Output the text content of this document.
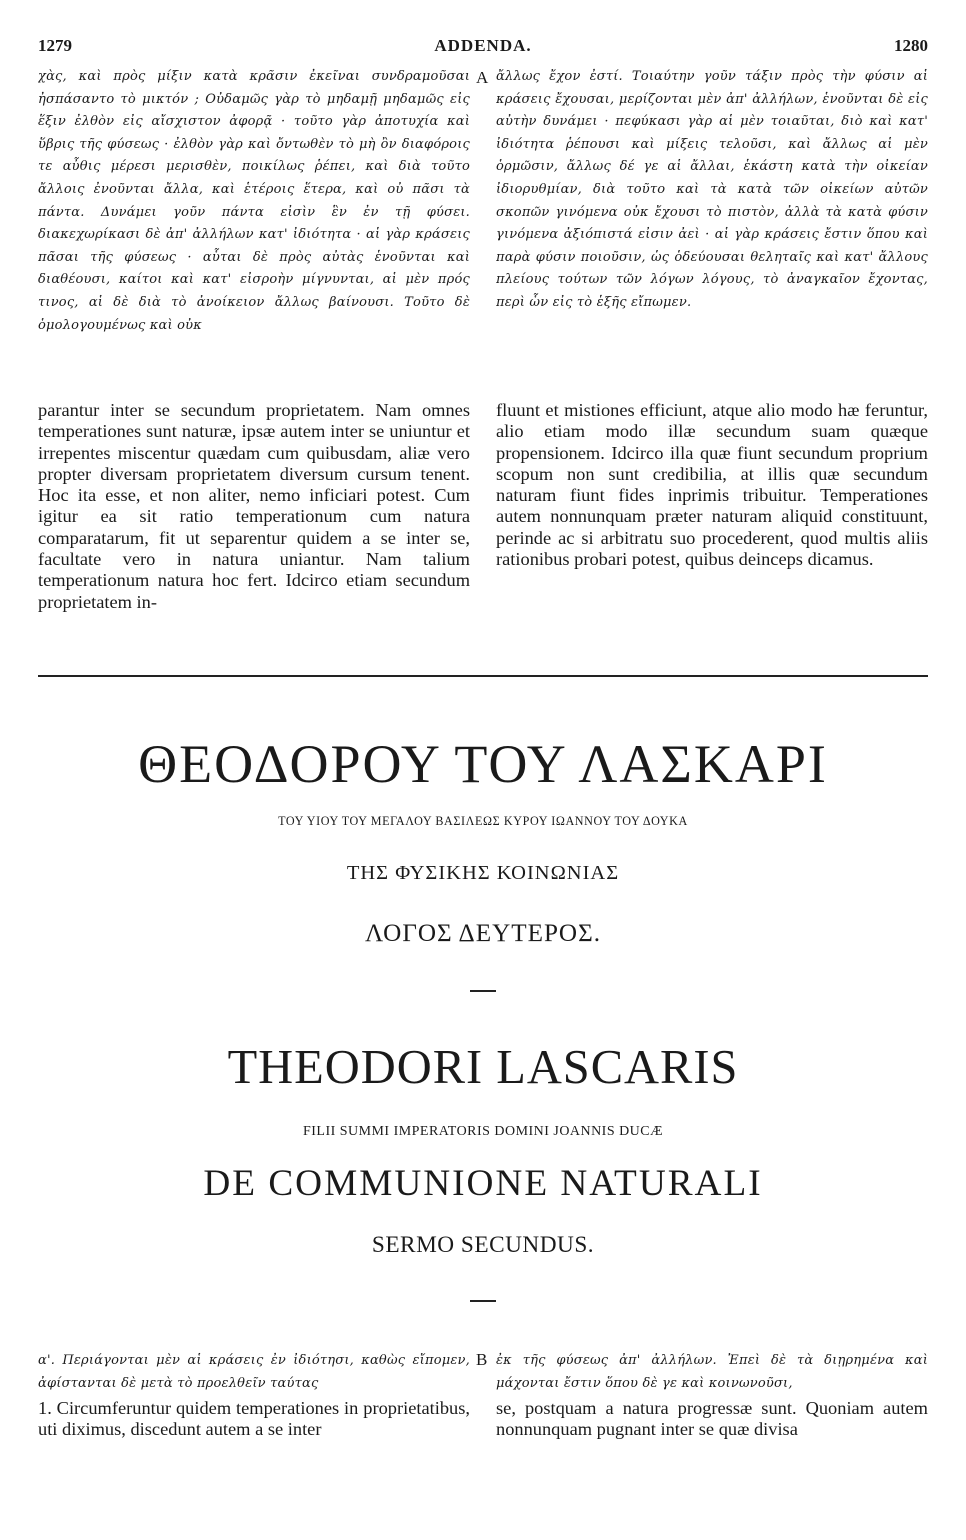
1279	ADDENDA.	1280
χὰς, καὶ πρὸς μίξιν κατὰ κρᾶσιν ἐκεῖναι συνδραμοῦσαι ἠσπάσαντο τὸ μικτόν ; Οὐδαμῶς γὰρ τὸ μηδαμῇ μηδαμῶς εἰς ἕξιν ἐλθὸν εἰς αἴσχιστον ἀφορᾷ · τοῦτο γὰρ ἀποτυχία καὶ ὕβρις τῆς φύσεως · ἐλθὸν γὰρ καὶ ὄντωθὲν τὸ μὴ ὂν διαφόροις τε αὖθις μέρεσι μερισθὲν, ποικίλως ῥέπει, καὶ διὰ τοῦτο ἄλλοις ἐνοῦνται ἄλλα, καὶ ἑτέροις ἕτερα, καὶ οὐ πᾶσι τὰ πάντα. Δυνάμει γοῦν πάντα εἰσὶν ἓν ἐν τῇ φύσει. διακεχωρίκασι δὲ ἀπ' ἀλλήλων κατ' ἰδιότητα · αἱ γὰρ κράσεις πᾶσαι τῆς φύσεως · αὗται δὲ πρὸς αὐτὰς ἑνοῦνται καὶ διαθέουσι, καίτοι καὶ κατ' εἰσροὴν μίγνυνται, αἱ μὲν πρός τινος, αἱ δὲ διὰ τὸ ἀνοίκειον ἄλλως βαίνουσι. Τοῦτο δὲ ὁμολογουμένως καὶ οὐκ
A ἄλλως ἔχον ἐστί. Τοιαύτην γοῦν τάξιν πρὸς τὴν φύσιν αἱ κράσεις ἔχουσαι, μερίζονται μὲν ἀπ' ἀλλήλων, ἑνοῦνται δὲ εἰς αὐτὴν δυνάμει · πεφύκασι γὰρ αἱ μὲν τοιαῦται, διὸ καὶ κατ' ἰδιότητα ῥέπουσι καὶ μίξεις τελοῦσι, καὶ ἄλλως αἱ μὲν ὁρμῶσιν, ἄλλως δέ γε αἱ ἄλλαι, ἑκάστη κατὰ τὴν οἰκείαν ἰδιορυθμίαν, διὰ τοῦτο καὶ τὰ κατὰ τῶν οἰκείων αὐτῶν σκοπῶν γινόμενα οὐκ ἔχουσι τὸ πιστὸν, ἀλλὰ τὰ κατὰ φύσιν γινόμενα ἀξιόπιστά εἰσιν ἀεὶ · αἱ γὰρ κράσεις ἔστιν ὅπου καὶ παρὰ φύσιν ποιοῦσιν, ὡς ὁδεύουσαι θεληταῖς καὶ κατ' ἄλλους πλείους τούτων τῶν λόγων λόγους, τὸ ἀναγκαῖον ἔχοντας, περὶ ὧν εἰς τὸ ἑξῆς εἴπωμεν.
parantur inter se secundum proprietatem. Nam omnes temperationes sunt naturæ, ipsæ autem inter se uniuntur et irrepentes miscentur quædam cum quibusdam, aliæ vero propter diversam proprietatem diversum cursum tenent. Hoc ita esse, et non aliter, nemo inficiari potest. Cum igitur ea sit ratio temperationum cum natura comparatarum, fit ut separentur quidem a se inter se, facultate vero in natura uniantur. Nam talium temperationum natura hoc fert. Idcirco etiam secundum proprietatem in-
fluunt et mistiones efficiunt, atque alio modo hæ feruntur, alio etiam modo illæ secundum suam quæque propensionem. Idcirco illa quæ fiunt secundum proprium scopum non sunt credibilia, at illis quæ secundum naturam fiunt fides inprimis tribuitur. Temperationes autem nonnunquam præter naturam aliquid constituunt, perinde ac si arbitratu suo procederent, quod multis aliis rationibus probari potest, quibus deinceps dicamus.
ΘΕΟΔΟΡΟΥ ΤΟΥ ΛΑΣΚΑΡΙ
ΤΟΥ ΥΙΟΥ ΤΟΥ ΜΕΓΑΛΟΥ ΒΑΣΙΛΕΩΣ ΚΥΡΟΥ ΙΩΑΝΝΟΥ ΤΟΥ ΔΟΥΚΑ
ΤΗΣ ΦΥΣΙΚΗΣ ΚΟΙΝΩΝΙΑΣ
ΛΟΓΟΣ ΔΕΥΤΕΡΟΣ.
THEODORI LASCARIS
FILII SUMMI IMPERATORIS DOMINI JOANNIS DUCÆ
DE COMMUNIONE NATURALI
SERMO SECUNDUS.
α'. Περιάγονται μὲν αἱ κράσεις ἐν ἰδιότησι, καθὼς εἴπομεν, ἀφίστανται δὲ μετὰ τὸ προελθεῖν ταύτας
B ἐκ τῆς φύσεως ἀπ' ἀλλήλων. Ἐπεὶ δὲ τὰ διῃρημένα καὶ μάχονται ἔστιν ὅπου δὲ γε καὶ κοινωνοῦσι,
1. Circumferuntur quidem temperationes in proprietatibus, uti diximus, discedunt autem a se inter
se, postquam a natura progressæ sunt. Quoniam autem nonnunquam pugnant inter se quæ divisa
